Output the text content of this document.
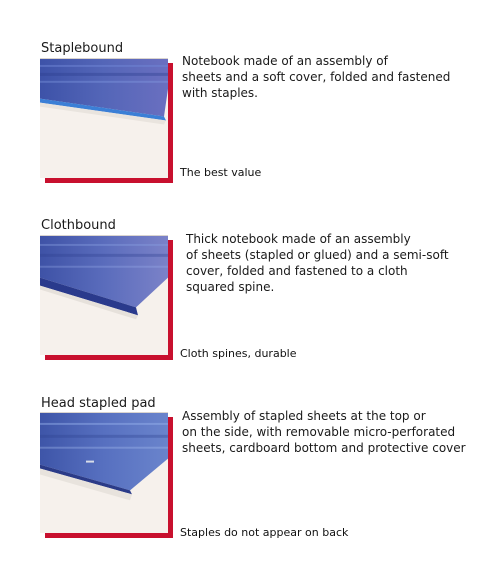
Staplebound
Notebook made of an assembly of
sheets and a soft cover, folded and fastened
with staples.
The best value
Clothbound
Thick notebook made of an assembly
of sheets (stapled or glued) and a semi-soft
cover, folded and fastened to a cloth
squared spine.
Cloth spines, durable
Head stapled pad
Assembly of stapled sheets at the top or
on the side, with removable micro-perforated
sheets, cardboard bottom and protective cover
Staples do not appear on back
